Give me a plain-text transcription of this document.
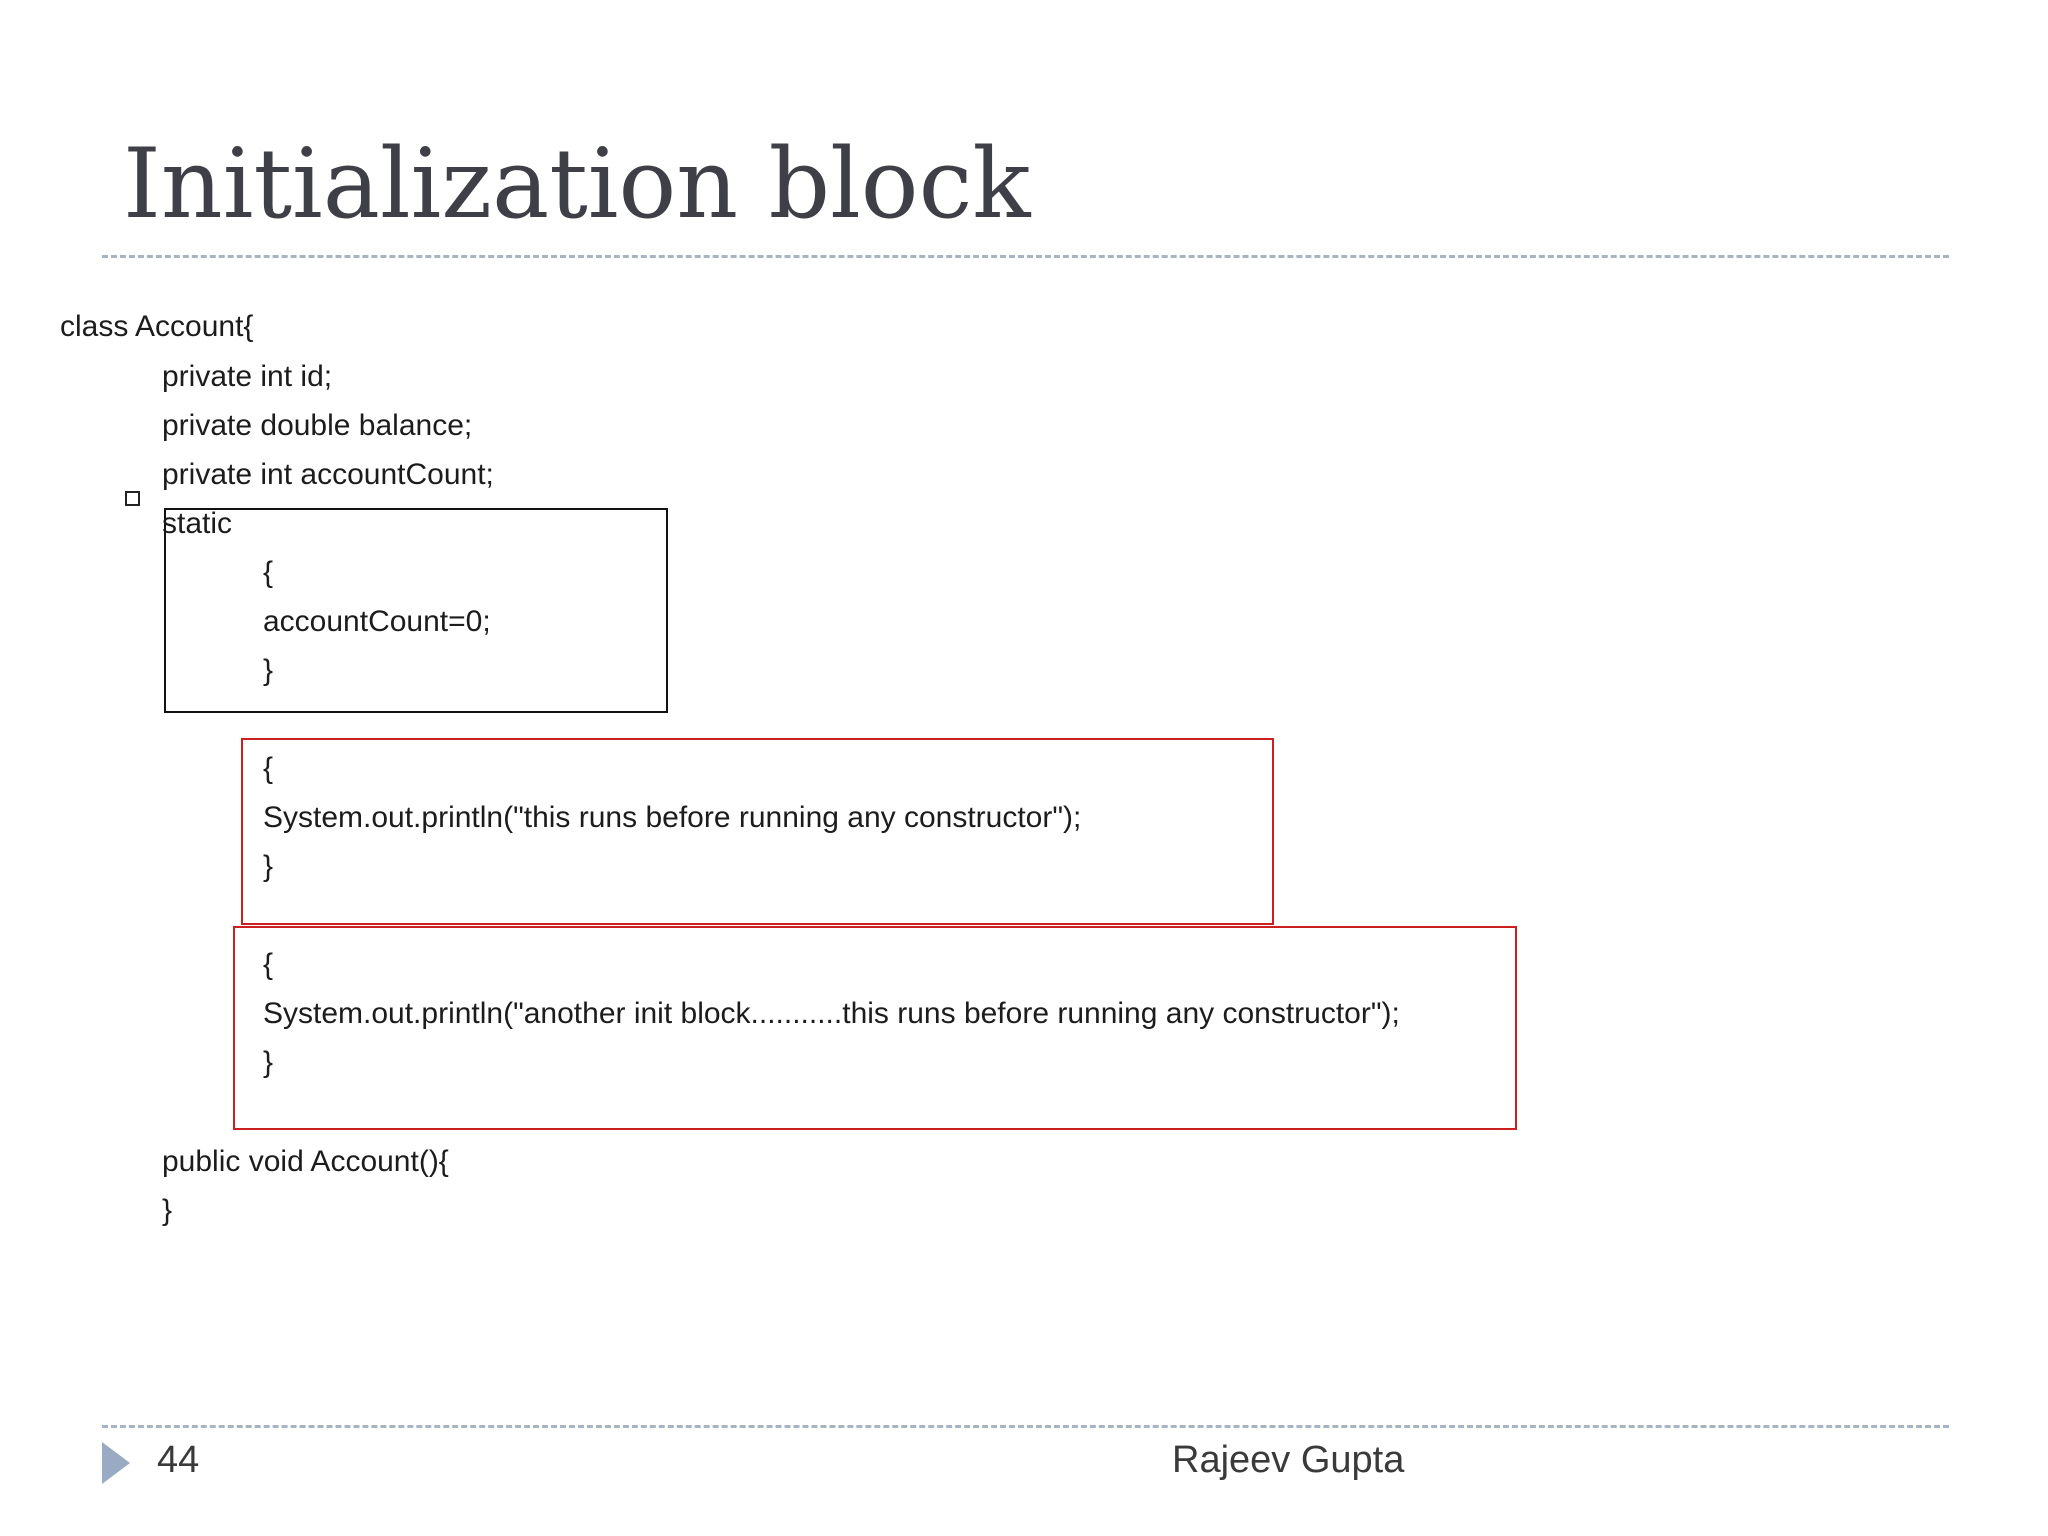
Initialization block
class Account{
private int id;
private double balance;
private int accountCount;
static
{
accountCount=0;
}
{
System.out.println("this runs before running any constructor");
}
{
System.out.println("another init block...........this runs before running any constructor");
}
public void Account(){
}
44	Rajeev Gupta
